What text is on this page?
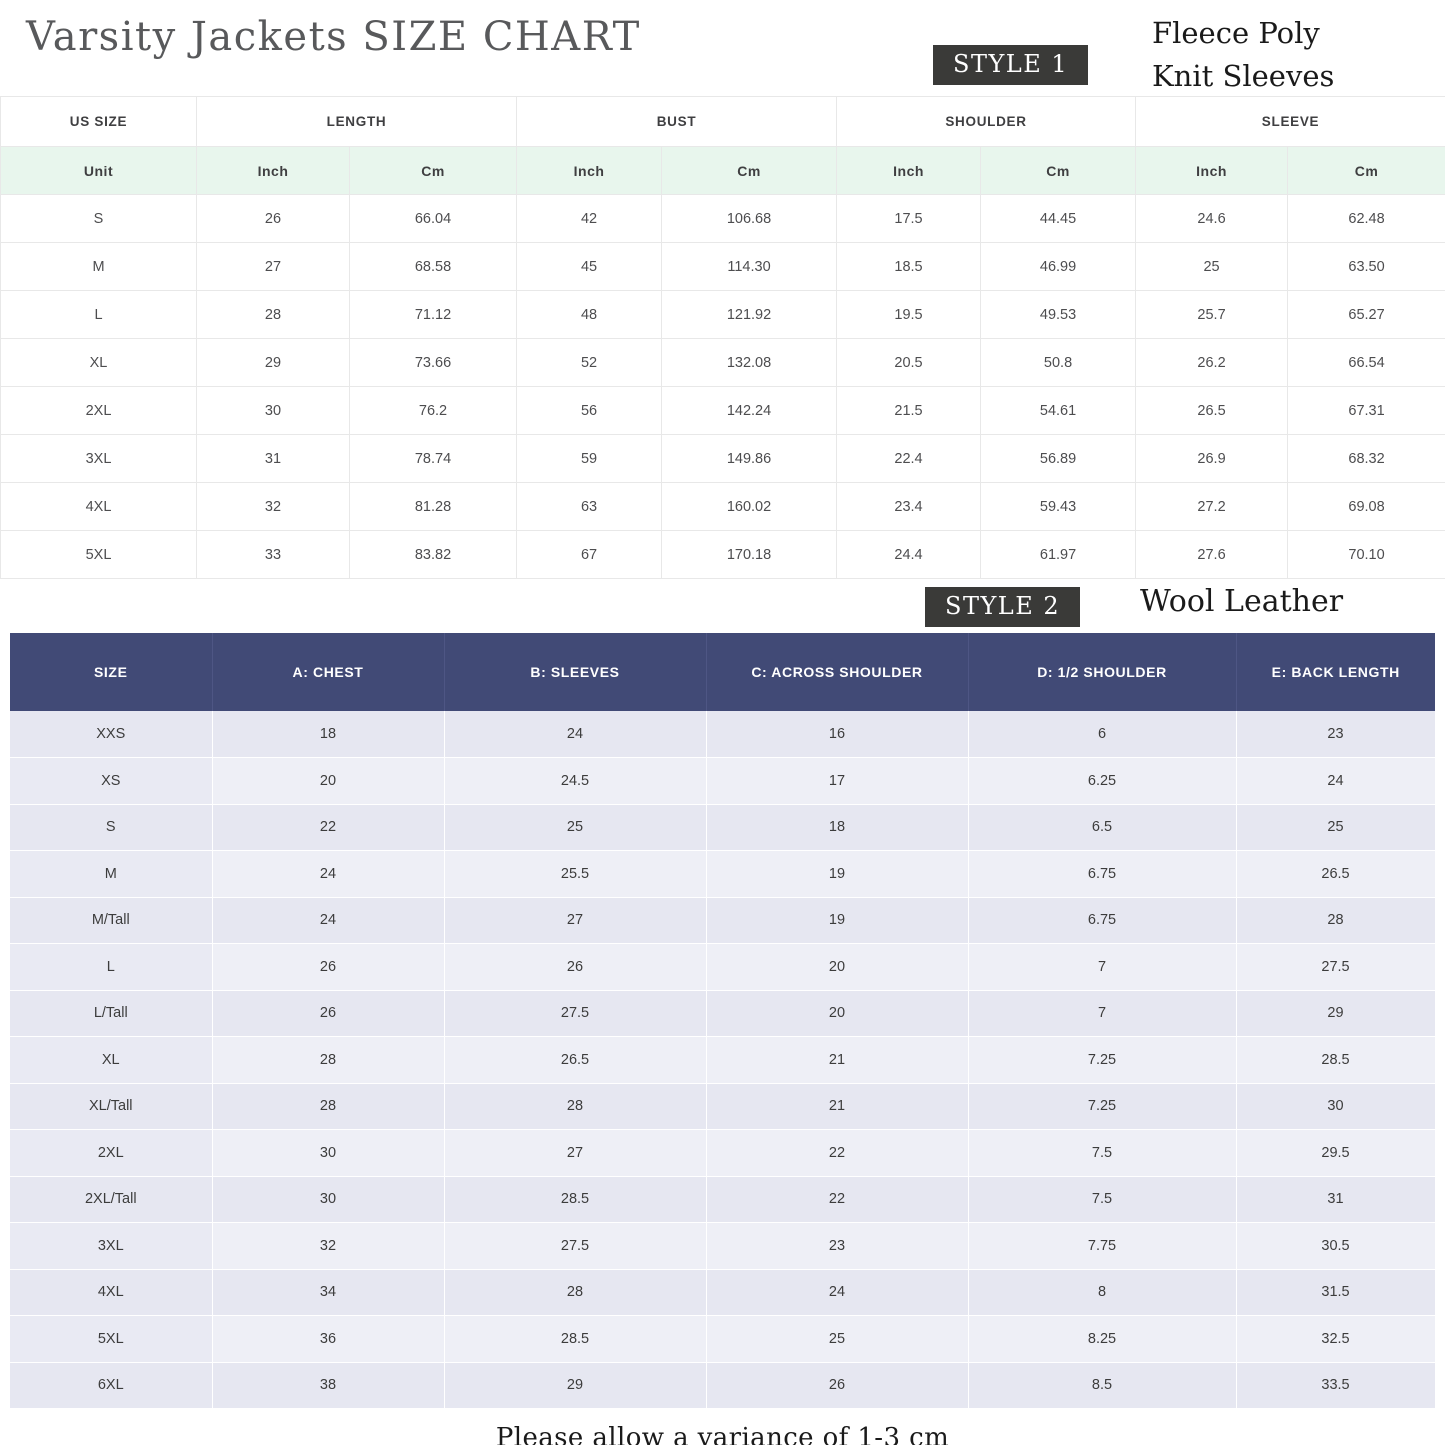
Varsity Jackets SIZE CHART
STYLE 1
Fleece Poly
Knit Sleeves
US SIZE	LENGTH		BUST		SHOULDER		SLEEVE	
Unit	Inch	Cm	Inch	Cm	Inch	Cm	Inch	Cm
S	26	66.04	42	106.68	17.5	44.45	24.6	62.48
M	27	68.58	45	114.30	18.5	46.99	25	63.50
L	28	71.12	48	121.92	19.5	49.53	25.7	65.27
XL	29	73.66	52	132.08	20.5	50.8	26.2	66.54
2XL	30	76.2	56	142.24	21.5	54.61	26.5	67.31
3XL	31	78.74	59	149.86	22.4	56.89	26.9	68.32
4XL	32	81.28	63	160.02	23.4	59.43	27.2	69.08
5XL	33	83.82	67	170.18	24.4	61.97	27.6	70.10
STYLE 2	Wool Leather
SIZE	A: CHEST	B: SLEEVES	C: ACROSS SHOULDER	D: 1/2 SHOULDER	E: BACK LENGTH
XXS	18	24	16	6	23
XS	20	24.5	17	6.25	24
S	22	25	18	6.5	25
M	24	25.5	19	6.75	26.5
M/Tall	24	27	19	6.75	28
L	26	26	20	7	27.5
L/Tall	26	27.5	20	7	29
XL	28	26.5	21	7.25	28.5
XL/Tall	28	28	21	7.25	30
2XL	30	27	22	7.5	29.5
2XL/Tall	30	28.5	22	7.5	31
3XL	32	27.5	23	7.75	30.5
4XL	34	28	24	8	31.5
5XL	36	28.5	25	8.25	32.5
6XL	38	29	26	8.5	33.5
Please allow a variance of 1-3 cm
